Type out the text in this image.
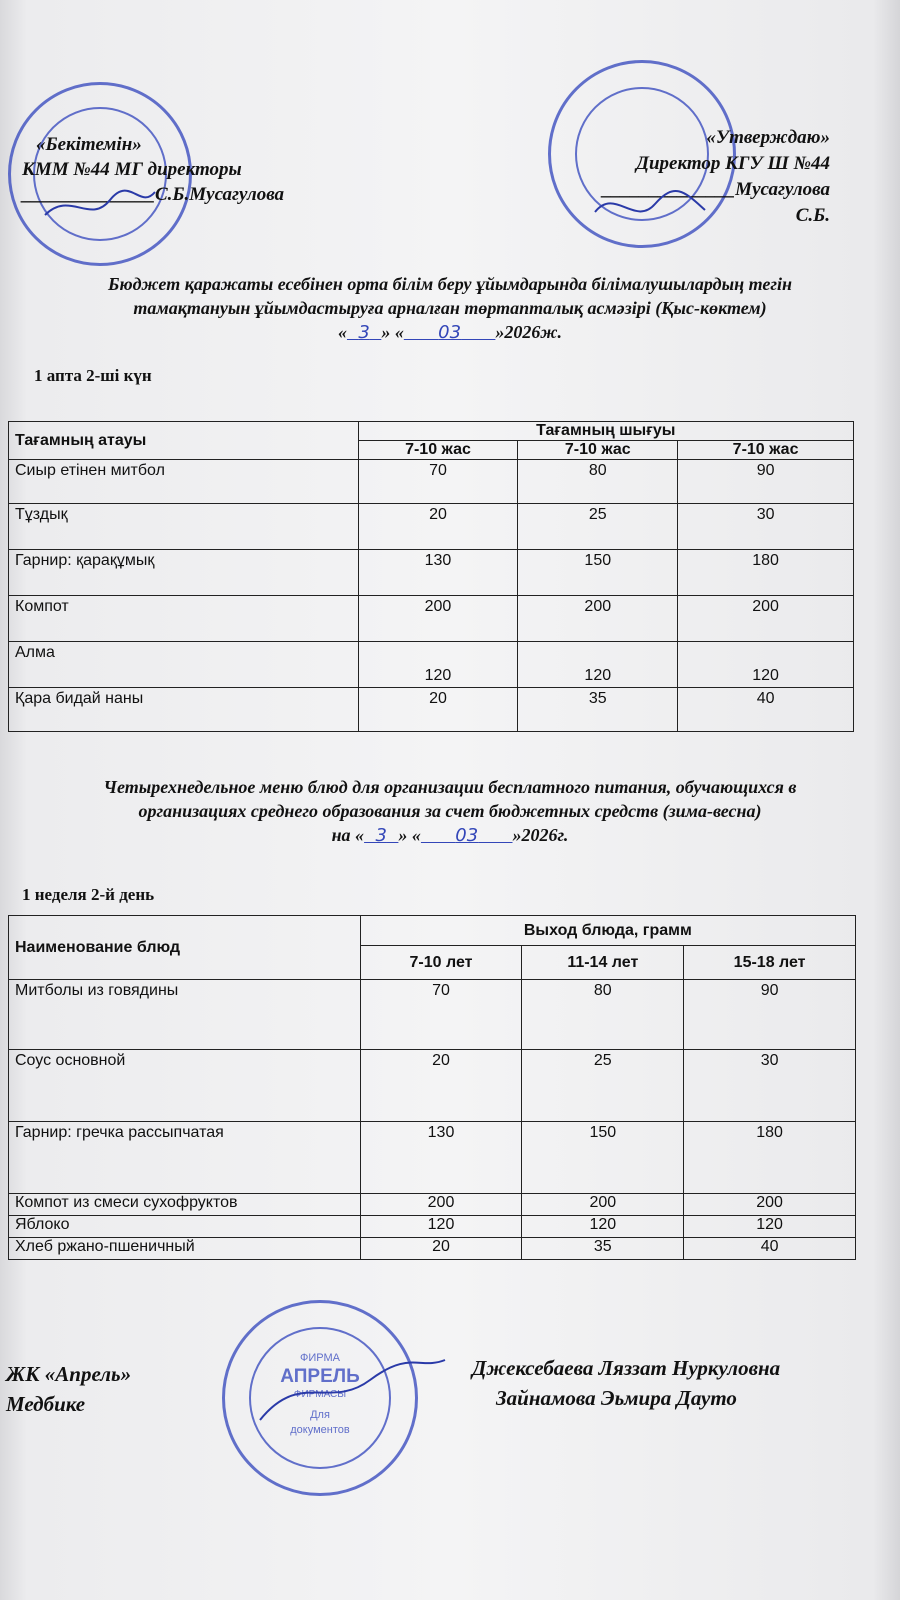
«Бекітемін»
КММ №44 МГ директоры
______________С.Б.Мусагулова
«Утверждаю»
Директор КГУ Ш №44
______________Мусагулова С.Б.
Бюджет қаражаты есебінен орта білім беру ұйымдарында білімалушылардың тегін
тамақтануын ұйымдастыруға арналған төртапталық асмәзірі (Қыс-көктем)
« 3 » « 03 »2026ж.
1 апта 2-ші күн
Тағамның атауы	Тағамның шығуы		
	7-10 жас	7-10 жас	7-10 жас
Сиыр етінен митбол	70	80	90
Тұздық	20	25	30
Гарнир: қарақұмық	130	150	180
Компот	200	200	200
Алма	120	120	120
Қара бидай наны	20	35	40
Четырехнедельное меню блюд для организации бесплатного питания, обучающихся в
организациях среднего образования за счет бюджетных средств (зима-весна)
на « 3 » « 03 »2026г.
1 неделя 2-й день
Наименование блюд	Выход блюда, грамм		
	7-10 лет	11-14 лет	15-18 лет
Митболы из говядины	70	80	90
Соус основной	20	25	30
Гарнир: гречка рассыпчатая	130	150	180
Компот из смеси сухофруктов	200	200	200
Яблоко	120	120	120
Хлеб ржано-пшеничный	20	35	40
ФИРМА
АПРЕЛЬ
ФИРМАСЫ
Для
документов
ЖК «Апрель»
Медбике
Джексебаева Ляззат Нуркуловна
Зайнамова Эьмира Дауто
